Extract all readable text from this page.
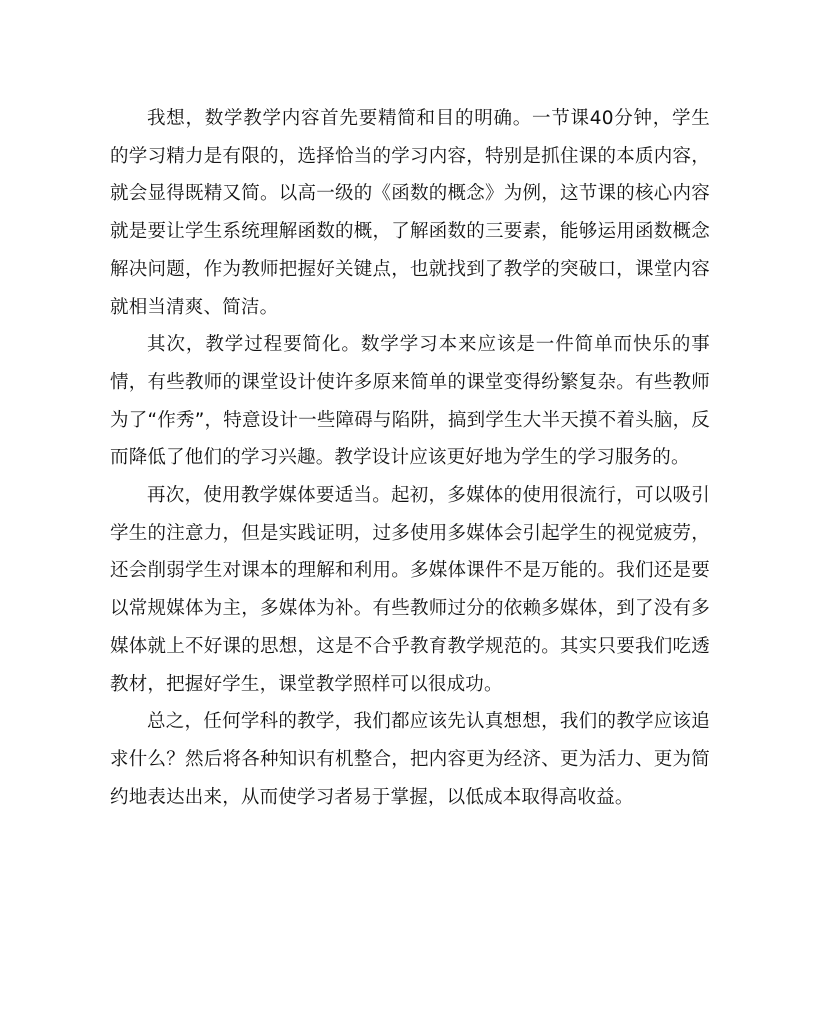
我想，数学教学内容首先要精简和目的明确。一节课40分钟，学生的学习精力是有限的，选择恰当的学习内容，特别是抓住课的本质内容，就会显得既精又简。以高一级的《函数的概念》为例，这节课的核心内容就是要让学生系统理解函数的概，了解函数的三要素，能够运用函数概念解决问题，作为教师把握好关键点，也就找到了教学的突破口，课堂内容就相当清爽、简洁。

其次，教学过程要简化。数学学习本来应该是一件简单而快乐的事情，有些教师的课堂设计使许多原来简单的课堂变得纷繁复杂。有些教师为了“作秀”，特意设计一些障碍与陷阱，搞到学生大半天摸不着头脑，反而降低了他们的学习兴趣。教学设计应该更好地为学生的学习服务的。

再次，使用教学媒体要适当。起初，多媒体的使用很流行，可以吸引学生的注意力，但是实践证明，过多使用多媒体会引起学生的视觉疲劳，还会削弱学生对课本的理解和利用。多媒体课件不是万能的。我们还是要以常规媒体为主，多媒体为补。有些教师过分的依赖多媒体，到了没有多媒体就上不好课的思想，这是不合乎教育教学规范的。其实只要我们吃透教材，把握好学生，课堂教学照样可以很成功。

总之，任何学科的教学，我们都应该先认真想想，我们的教学应该追求什么？然后将各种知识有机整合，把内容更为经济、更为活力、更为简约地表达出来，从而使学习者易于掌握，以低成本取得高收益。
